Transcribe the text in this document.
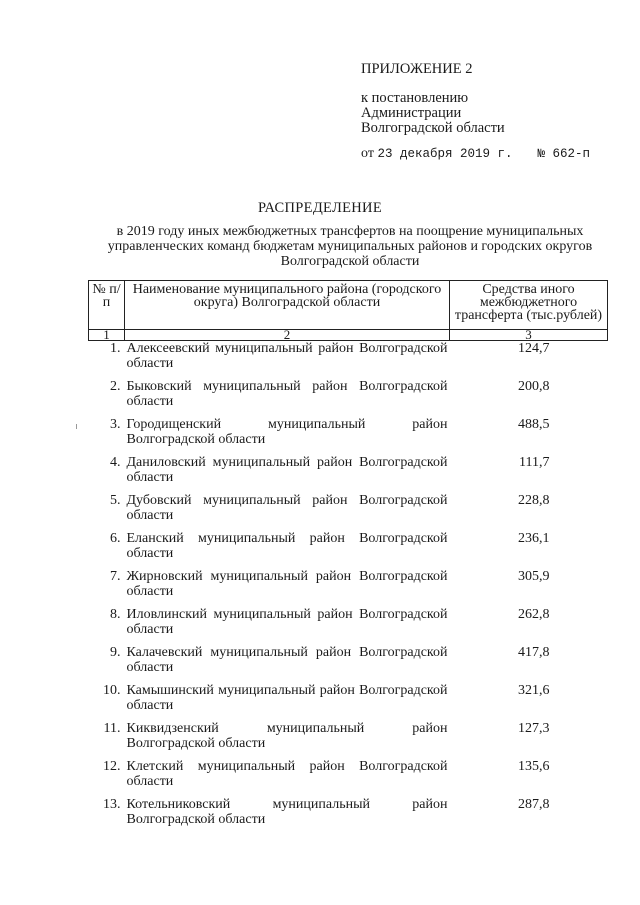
ПРИЛОЖЕНИЕ 2
к постановлению
Администрации
Волгоградской области
от 23 декабря 2019 г. № 662-п
РАСПРЕДЕЛЕНИЕ
в 2019 году иных межбюджетных трансфертов на поощрение муниципальных управленческих команд бюджетам муниципальных районов и городских округов Волгоградской области
№ п/п	Наименование муниципального района (городского округа) Волгоградской области	Средства иного межбюджетного трансферта (тыс.рублей)
1	2	3
1.	Алексеевский муниципальный район Волгоградской области	124,7
2.	Быковский муниципальный район Волгоградской области	200,8
3.	Городищенский муниципальный район Волгоградской области	488,5
4.	Даниловский муниципальный район Волгоградской области	111,7
5.	Дубовский муниципальный район Волгоградской области	228,8
6.	Еланский муниципальный район Волгоградской области	236,1
7.	Жирновский муниципальный район Волгоградской области	305,9
8.	Иловлинский муниципальный район Волгоградской области	262,8
9.	Калачевский муниципальный район Волгоградской области	417,8
10.	Камышинский муниципальный район Волгоградской области	321,6
11.	Киквидзенский муниципальный район Волгоградской области	127,3
12.	Клетский муниципальный район Волгоградской области	135,6
13.	Котельниковский муниципальный район Волгоградской области	287,8
